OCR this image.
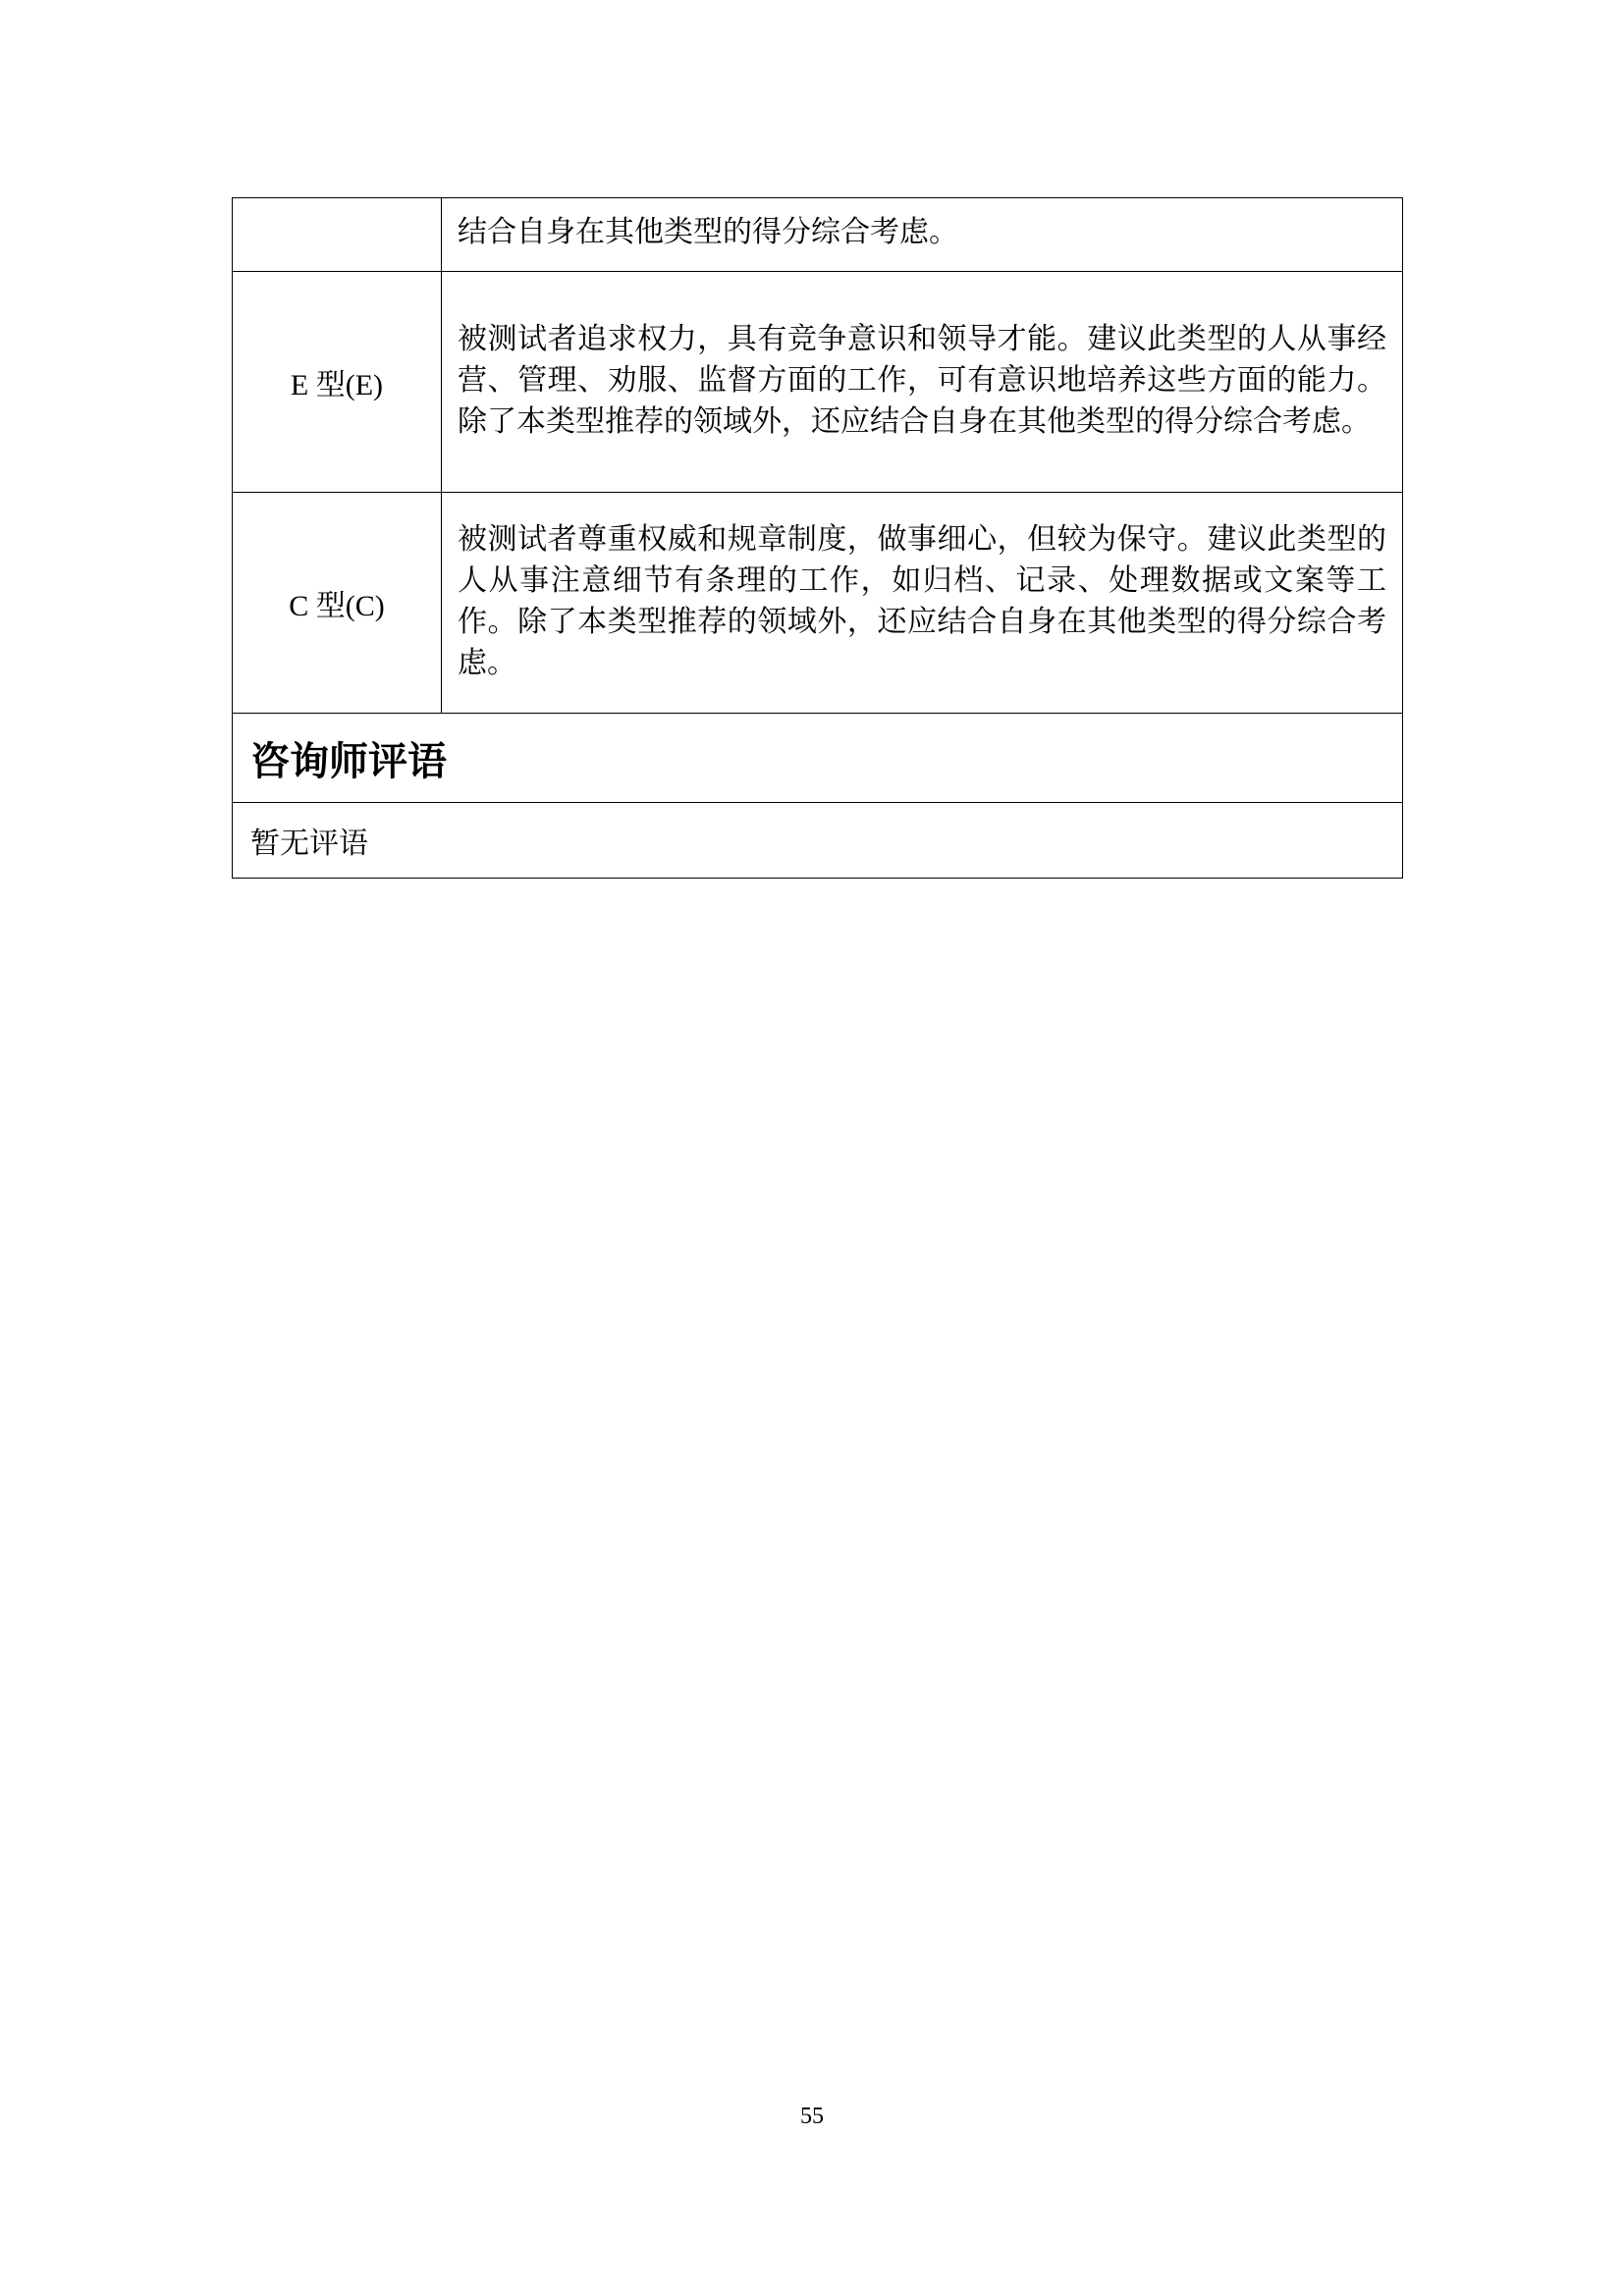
	结合自身在其他类型的得分综合考虑。
E 型(E)	被测试者追求权力，具有竞争意识和领导才能。建议此类型的人从事经营、管理、劝服、监督方面的工作，可有意识地培养这些方面的能力。除了本类型推荐的领域外，还应结合自身在其他类型的得分综合考虑。
C 型(C)	被测试者尊重权威和规章制度，做事细心，但较为保守。建议此类型的人从事注意细节有条理的工作，如归档、记录、处理数据或文案等工作。除了本类型推荐的领域外，还应结合自身在其他类型的得分综合考虑。
咨询师评语	
暂无评语	
55
